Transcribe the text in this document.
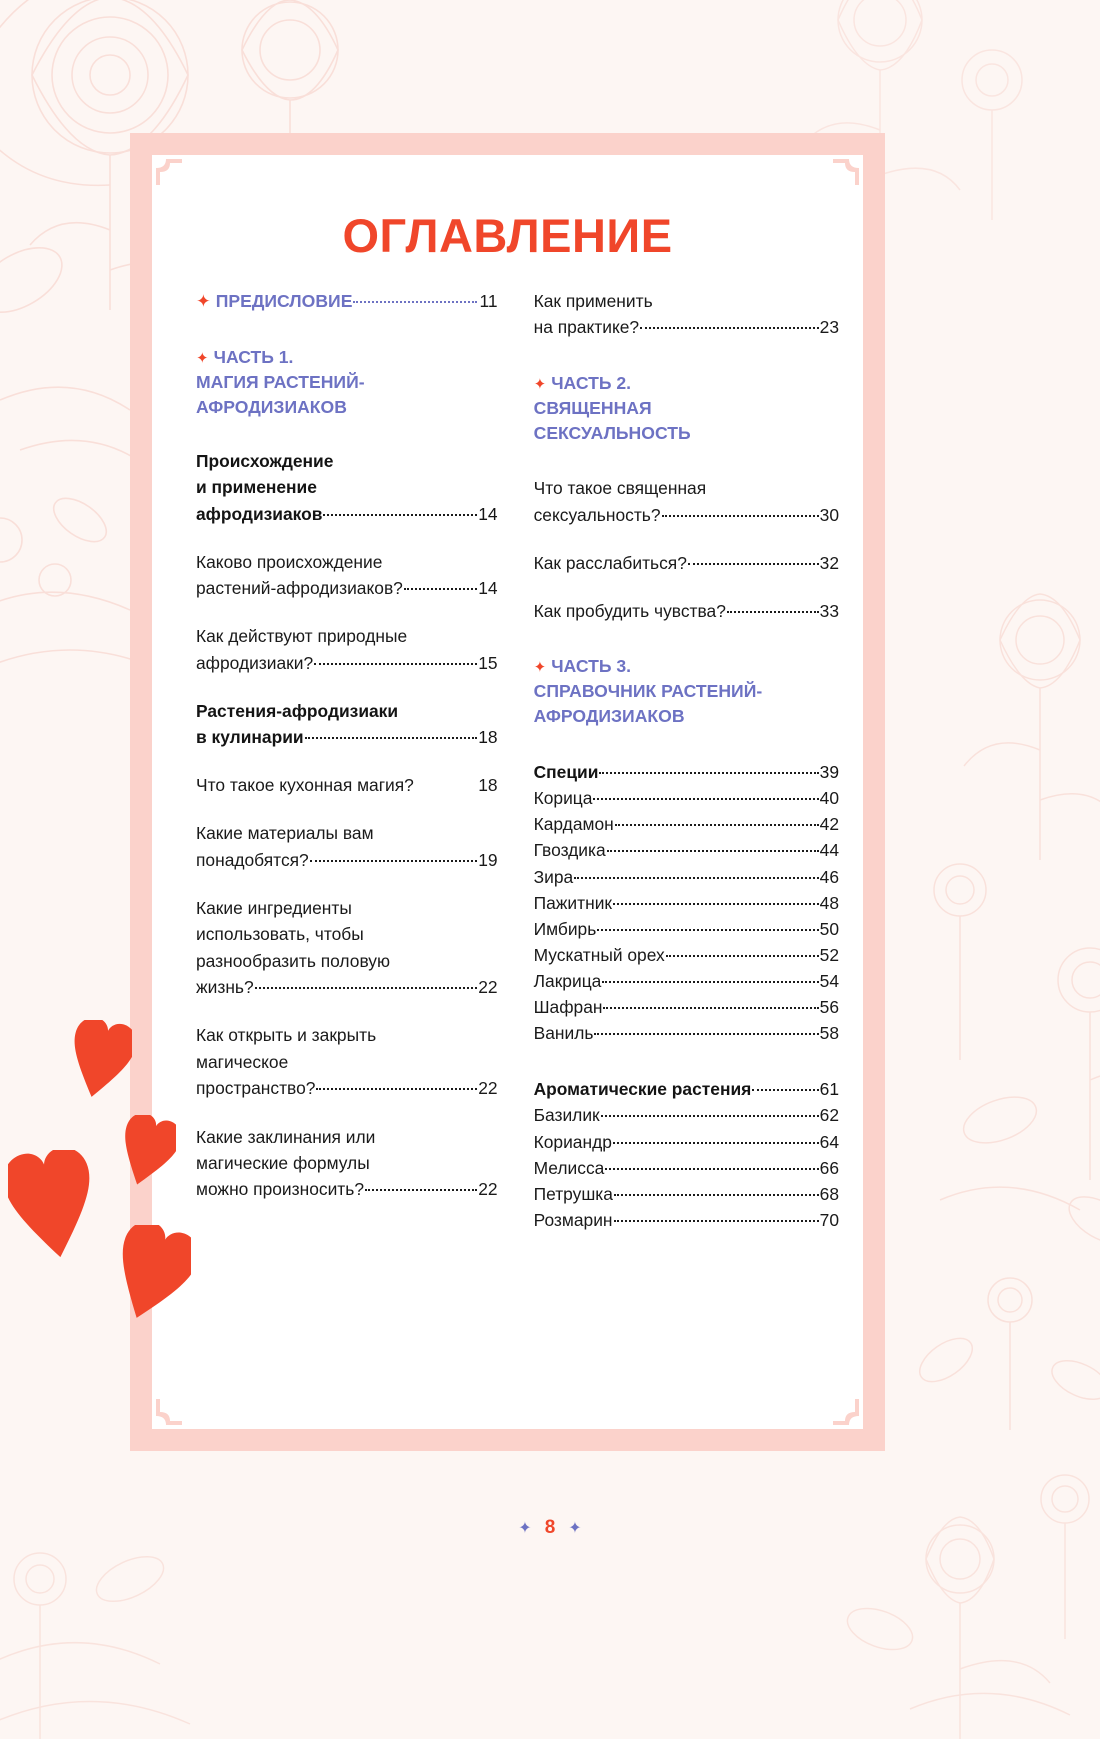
ОГЛАВЛЕНИЕ
✦ ПРЕДИСЛОВИЕ	11
✦ ЧАСТЬ 1.
МАГИЯ РАСТЕНИЙ-
АФРОДИЗИАКОВ
Происхождение
и применение
афродизиаков	14
Каково происхождение
растений-афродизиаков?	14
Как действуют природные
афродизиаки?	15
Растения-афродизиаки
в кулинарии	18
Что такое кухонная магия?	18
Какие материалы вам
понадобятся?	19
Какие ингредиенты
использовать, чтобы
разнообразить половую
жизнь?	22
Как открыть и закрыть
магическое
пространство?	22
Какие заклинания или
магические формулы
можно произносить?	22
Как применить
на практике?	23
✦ ЧАСТЬ 2.
СВЯЩЕННАЯ
СЕКСУАЛЬНОСТЬ
Что такое священная
сексуальность?	30
Как расслабиться?	32
Как пробудить чувства?	33
✦ ЧАСТЬ 3.
СПРАВОЧНИК РАСТЕНИЙ-
АФРОДИЗИАКОВ
Специи	39
Корица	40
Кардамон	42
Гвоздика	44
Зира	46
Пажитник	48
Имбирь	50
Мускатный орех	52
Лакрица	54
Шафран	56
Ваниль	58
Ароматические растения	61
Базилик	62
Кориандр	64
Мелисса	66
Петрушка	68
Розмарин	70
✦ 8 ✦
